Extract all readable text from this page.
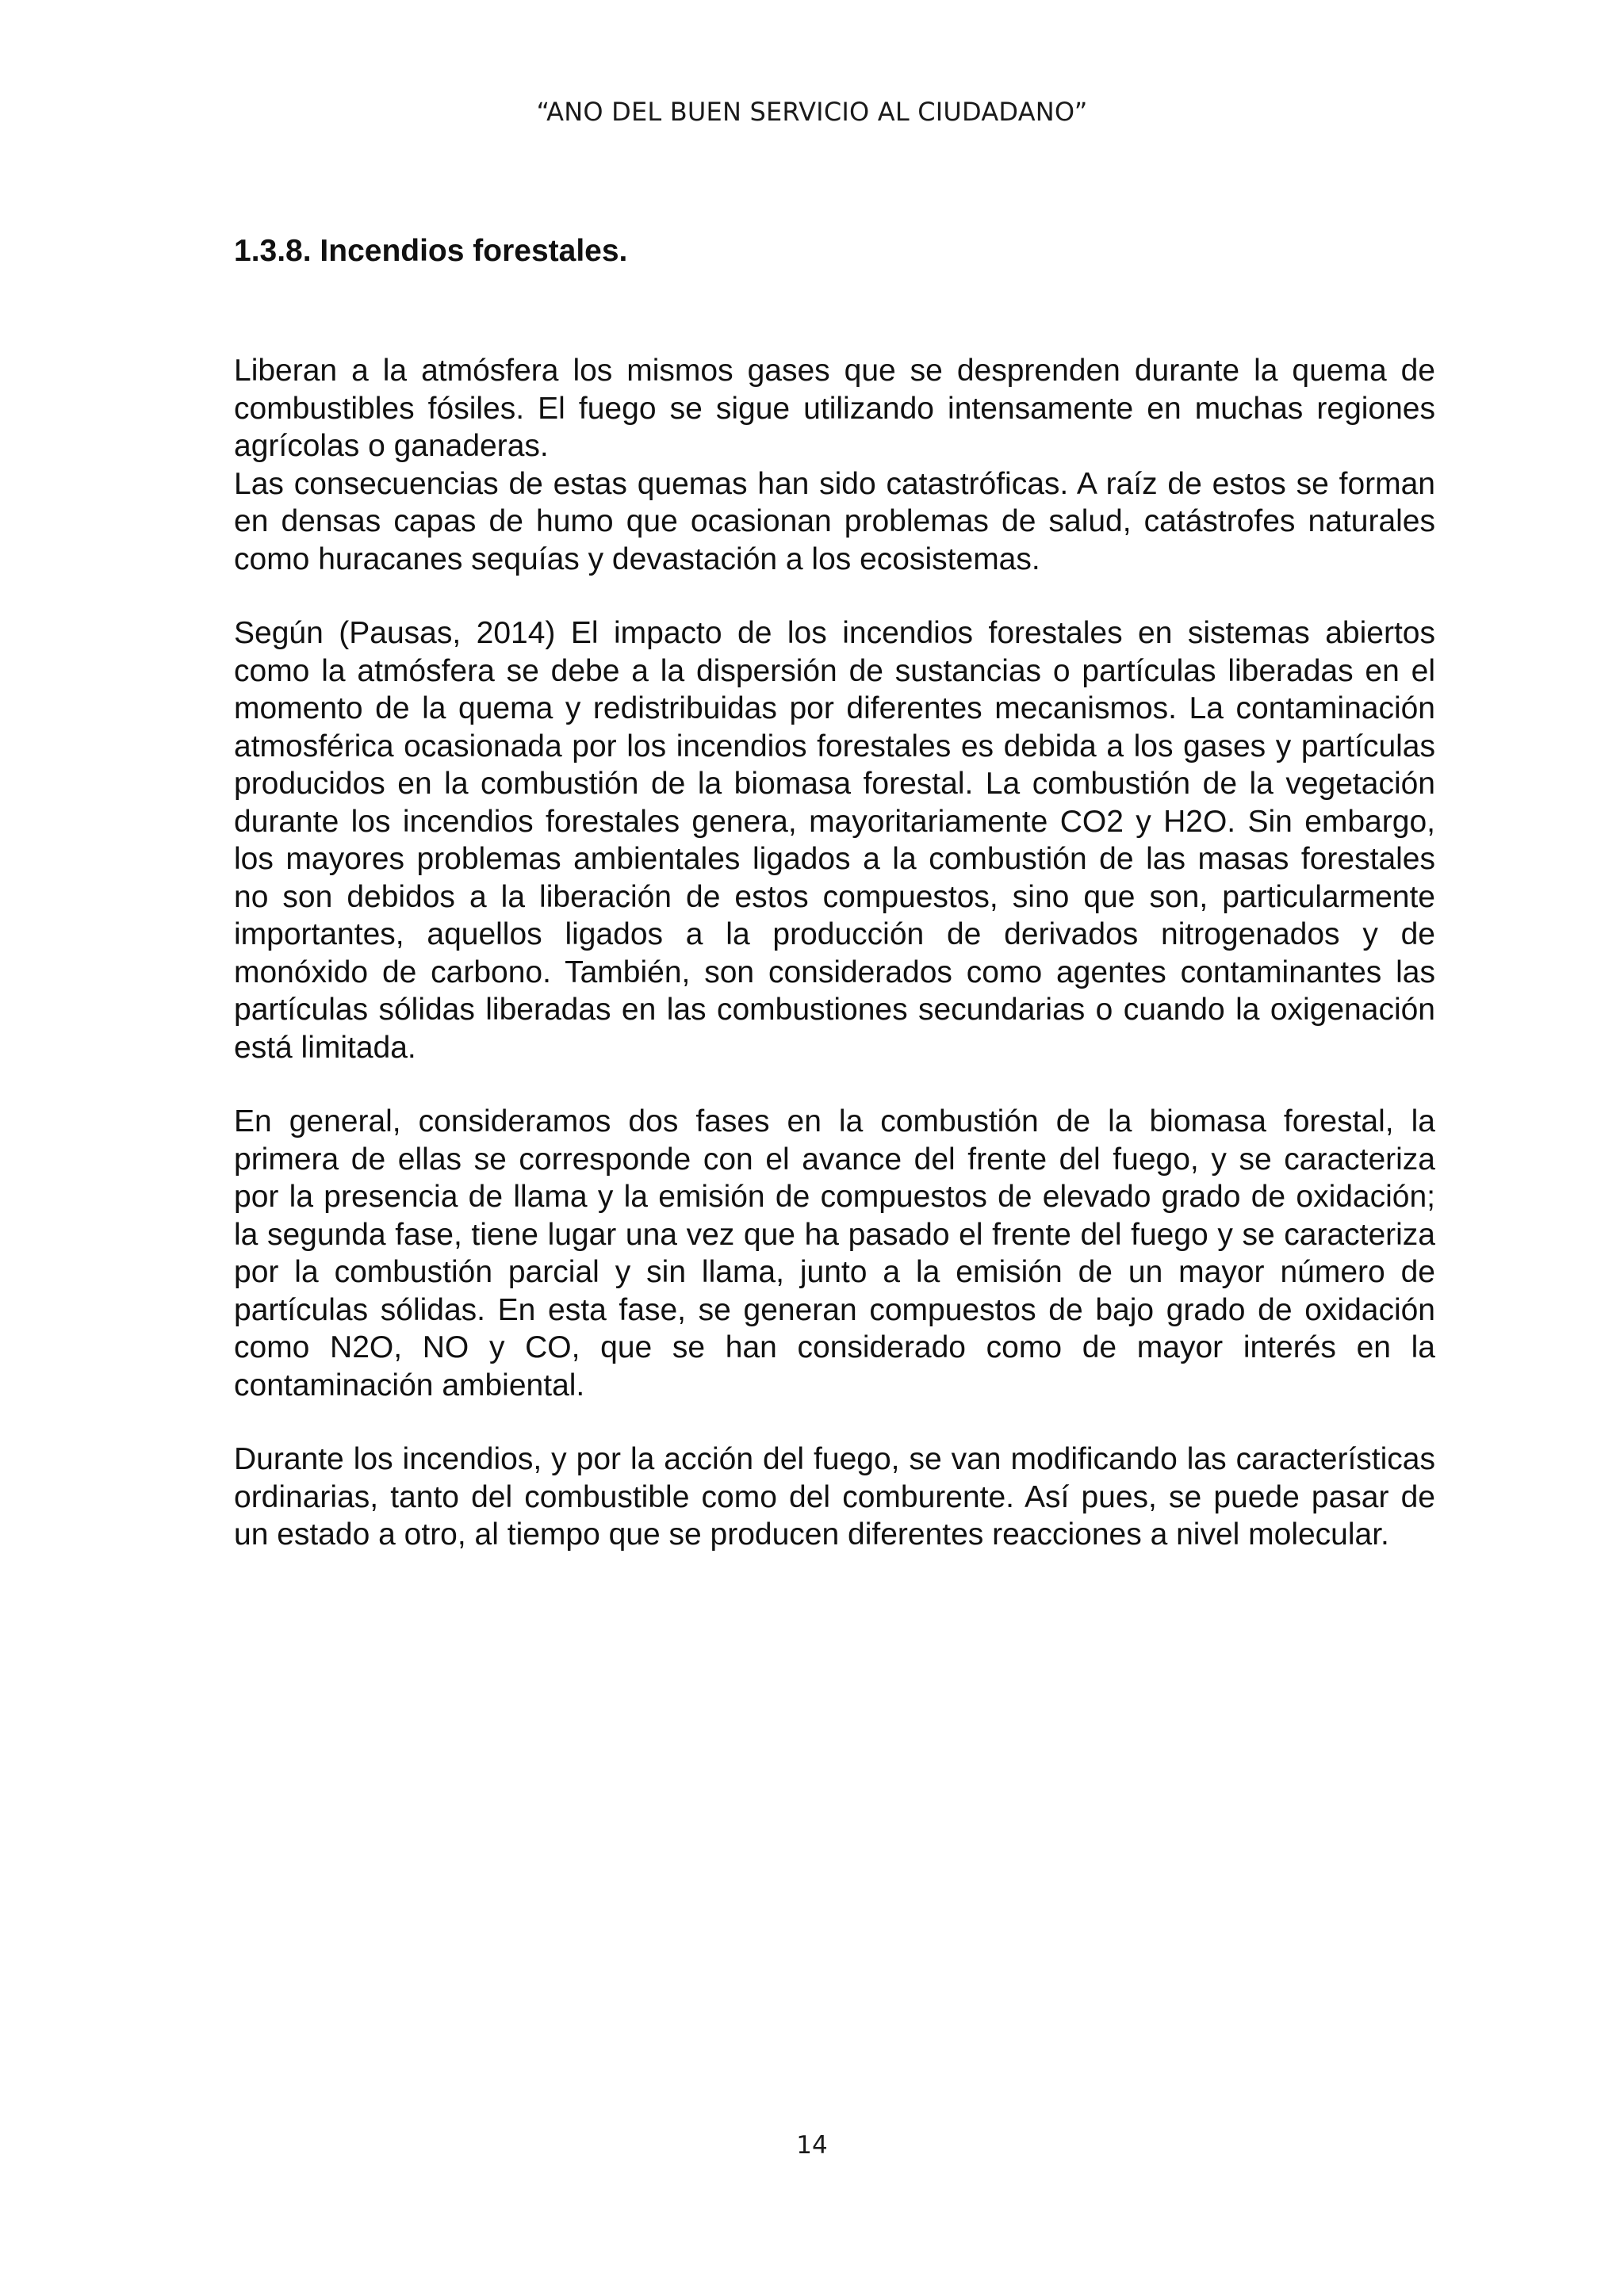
“ANO DEL BUEN SERVICIO AL CIUDADANO”
1.3.8. Incendios forestales.

Liberan a la atmósfera los mismos gases que se desprenden durante la quema de combustibles fósiles. El fuego se sigue utilizando intensamente en muchas regiones agrícolas o ganaderas.

Las consecuencias de estas quemas han sido catastróficas. A raíz de estos se forman en densas capas de humo que ocasionan problemas de salud, catástrofes naturales como huracanes sequías y devastación a los ecosistemas.

Según (Pausas, 2014) El impacto de los incendios forestales en sistemas abiertos como la atmósfera se debe a la dispersión de sustancias o partículas liberadas en el momento de la quema y redistribuidas por diferentes mecanismos. La contaminación atmosférica ocasionada por los incendios forestales es debida a los gases y partículas producidos en la combustión de la biomasa forestal. La combustión de la vegetación durante los incendios forestales genera, mayoritariamente CO2 y H2O. Sin embargo, los mayores problemas ambientales ligados a la combustión de las masas forestales no son debidos a la liberación de estos compuestos, sino que son, particularmente importantes, aquellos ligados a la producción de derivados nitrogenados y de monóxido de carbono. También, son considerados como agentes contaminantes las partículas sólidas liberadas en las combustiones secundarias o cuando la oxigenación está limitada.

En general, consideramos dos fases en la combustión de la biomasa forestal, la primera de ellas se corresponde con el avance del frente del fuego, y se caracteriza por la presencia de llama y la emisión de compuestos de elevado grado de oxidación; la segunda fase, tiene lugar una vez que ha pasado el frente del fuego y se caracteriza por la combustión parcial y sin llama, junto a la emisión de un mayor número de partículas sólidas. En esta fase, se generan compuestos de bajo grado de oxidación como N2O, NO y CO, que se han considerado como de mayor interés en la contaminación ambiental.

Durante los incendios, y por la acción del fuego, se van modificando las características ordinarias, tanto del combustible como del comburente. Así pues, se puede pasar de un estado a otro, al tiempo que se producen diferentes reacciones a nivel molecular.

14
